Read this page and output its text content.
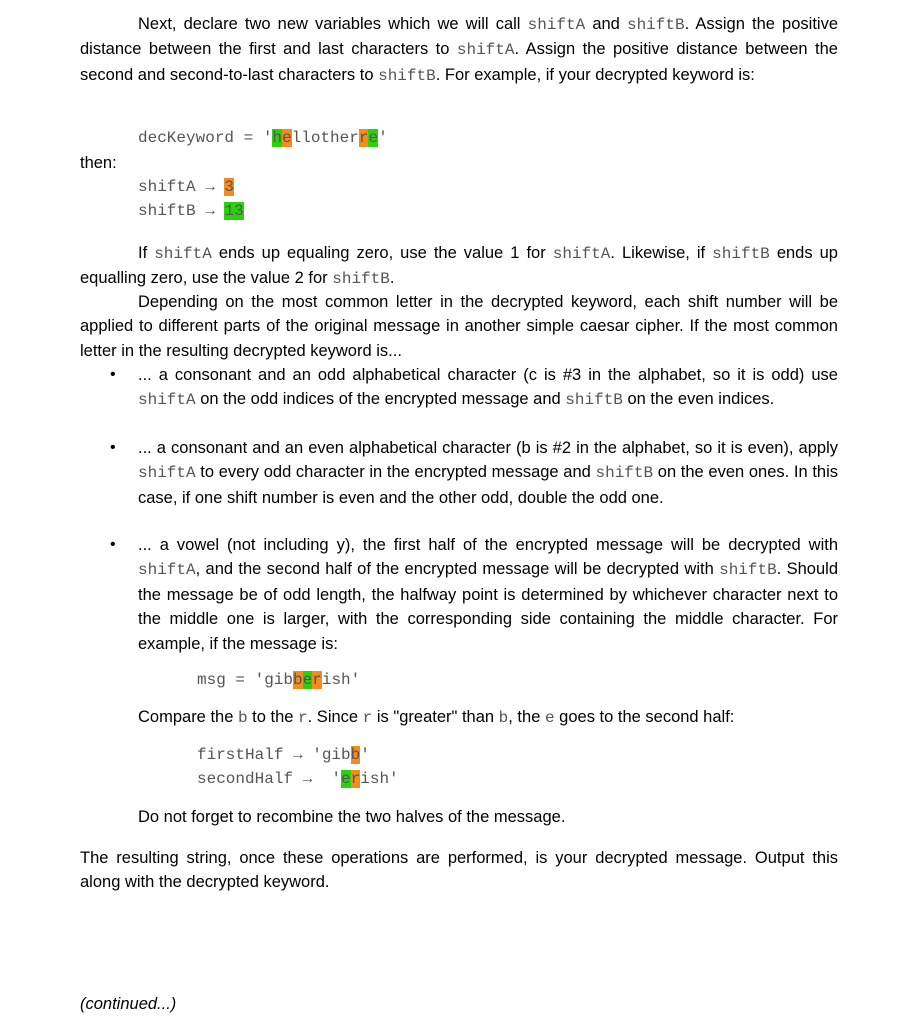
Next, declare two new variables which we will call shiftA and shiftB. Assign the positive distance between the first and last characters to shiftA. Assign the positive distance between the second and second-to-last characters to shiftB. For example, if your decrypted keyword is:

decKeyword = 'hellotherre'

then:

shiftA → 3
shiftB → 13

If shiftA ends up equaling zero, use the value 1 for shiftA. Likewise, if shiftB ends up equalling zero, use the value 2 for shiftB.

Depending on the most common letter in the decrypted keyword, each shift number will be applied to different parts of the original message in another simple caesar cipher. If the most common letter in the resulting decrypted keyword is...

• ... a consonant and an odd alphabetical character (c is #3 in the alphabet, so it is odd) use shiftA on the odd indices of the encrypted message and shiftB on the even indices.

• ... a consonant and an even alphabetical character (b is #2 in the alphabet, so it is even), apply shiftA to every odd character in the encrypted message and shiftB on the even ones. In this case, if one shift number is even and the other odd, double the odd one.

• ... a vowel (not including y), the first half of the encrypted message will be decrypted with shiftA, and the second half of the encrypted message will be decrypted with shiftB. Should the message be of odd length, the halfway point is determined by whichever character next to the middle one is larger, with the corresponding side containing the middle character. For example, if the message is:

msg = 'gibberish'

Compare the b to the r. Since r is "greater" than b, the e goes to the second half:

firstHalf → 'gibb'
secondHalf →  'erish'

Do not forget to recombine the two halves of the message.

The resulting string, once these operations are performed, is your decrypted message. Output this along with the decrypted keyword.

(continued...)
